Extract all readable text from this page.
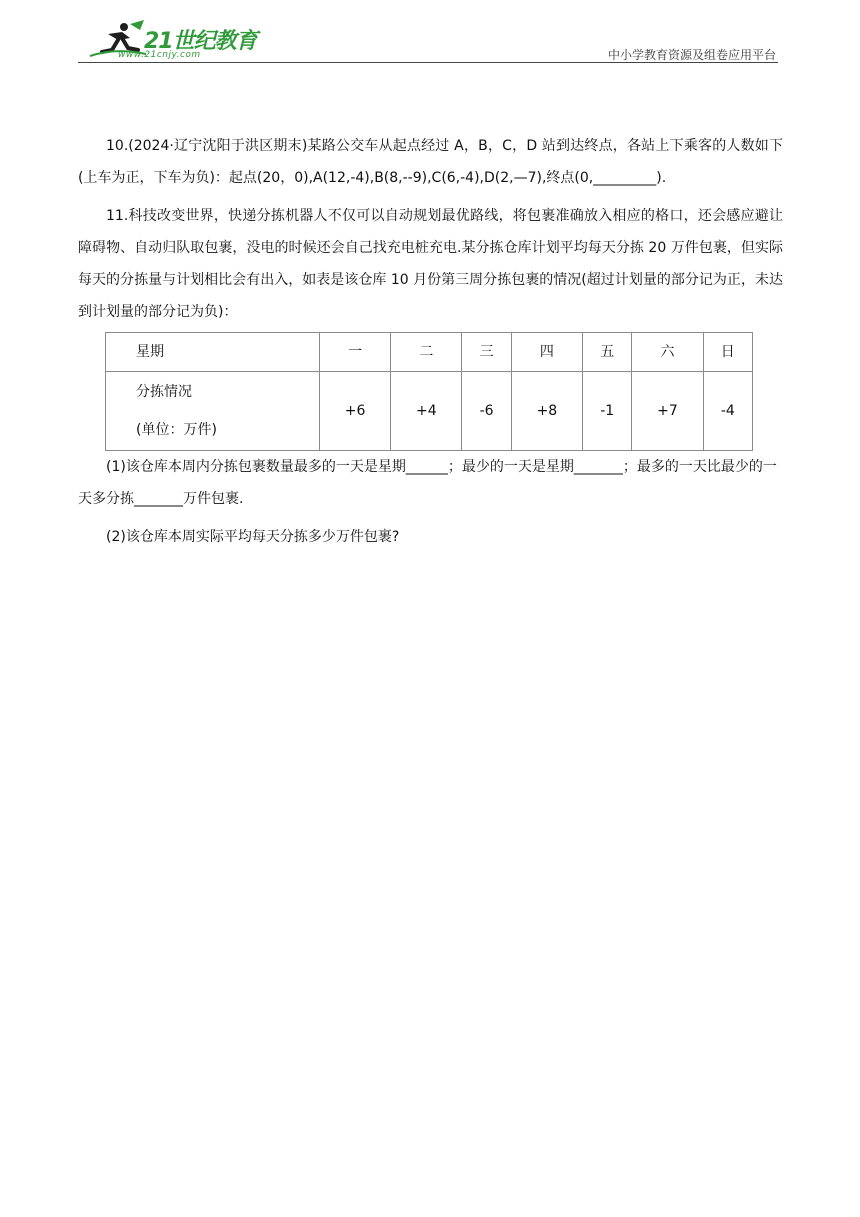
21世纪教育
www.21cnjy.com	中小学教育资源及组卷应用平台

10.(2024·辽宁沈阳于洪区期末)某路公交车从起点经过 A，B，C，D 站到达终点，各站上下乘客的人数如下(上车为正，下车为负)：起点(20，0),A(12,-4),B(8,--9),C(6,-4),D(2,—7),终点(0,_________).

11.科技改变世界，快递分拣机器人不仅可以自动规划最优路线，将包裹准确放入相应的格口，还会感应避让障碍物、自动归队取包裹，没电的时候还会自己找充电桩充电.某分拣仓库计划平均每天分拣 20 万件包裹，但实际每天的分拣量与计划相比会有出入，如表是该仓库 10 月份第三周分拣包裹的情况(超过计划量的部分记为正，未达到计划量的部分记为负)：

星期	一	二	三	四	五	六	日

分拣情况
(单位：万件)	+6	+4	-6	+8	-1	+7	-4

(1)该仓库本周内分拣包裹数量最多的一天是星期______；最少的一天是星期_______；最多的一天比最少的一天多分拣_______万件包裹.

(2)该仓库本周实际平均每天分拣多少万件包裹?
